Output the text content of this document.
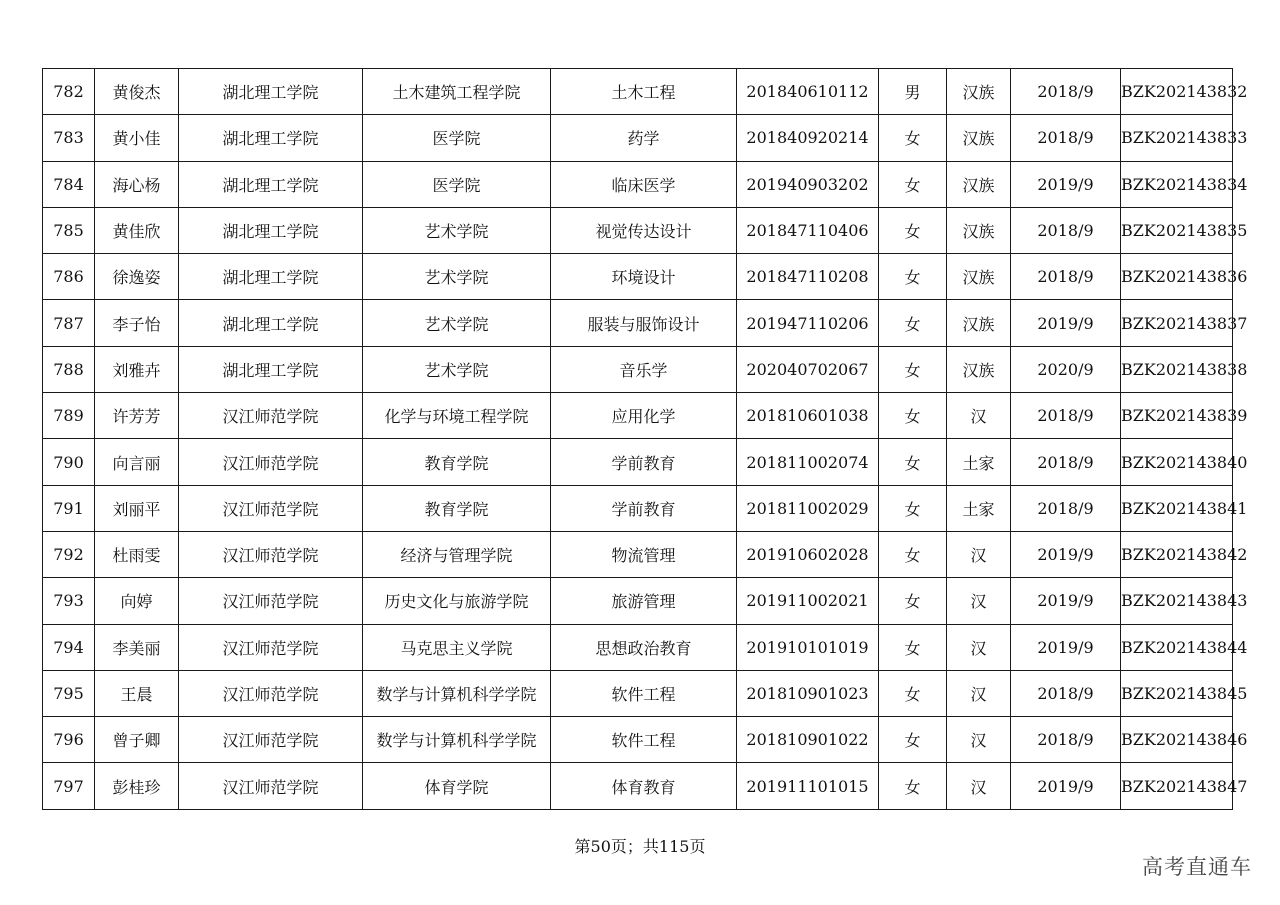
782	黄俊杰	湖北理工学院	土木建筑工程学院	土木工程	201840610112	男	汉族	2018/9	BZK202143832
783	黄小佳	湖北理工学院	医学院	药学	201840920214	女	汉族	2018/9	BZK202143833
784	海心杨	湖北理工学院	医学院	临床医学	201940903202	女	汉族	2019/9	BZK202143834
785	黄佳欣	湖北理工学院	艺术学院	视觉传达设计	201847110406	女	汉族	2018/9	BZK202143835
786	徐逸姿	湖北理工学院	艺术学院	环境设计	201847110208	女	汉族	2018/9	BZK202143836
787	李子怡	湖北理工学院	艺术学院	服装与服饰设计	201947110206	女	汉族	2019/9	BZK202143837
788	刘雅卉	湖北理工学院	艺术学院	音乐学	202040702067	女	汉族	2020/9	BZK202143838
789	许芳芳	汉江师范学院	化学与环境工程学院	应用化学	201810601038	女	汉	2018/9	BZK202143839
790	向言丽	汉江师范学院	教育学院	学前教育	201811002074	女	土家	2018/9	BZK202143840
791	刘丽平	汉江师范学院	教育学院	学前教育	201811002029	女	土家	2018/9	BZK202143841
792	杜雨雯	汉江师范学院	经济与管理学院	物流管理	201910602028	女	汉	2019/9	BZK202143842
793	向婷	汉江师范学院	历史文化与旅游学院	旅游管理	201911002021	女	汉	2019/9	BZK202143843
794	李美丽	汉江师范学院	马克思主义学院	思想政治教育	201910101019	女	汉	2019/9	BZK202143844
795	王晨	汉江师范学院	数学与计算机科学学院	软件工程	201810901023	女	汉	2018/9	BZK202143845
796	曾子卿	汉江师范学院	数学与计算机科学学院	软件工程	201810901022	女	汉	2018/9	BZK202143846
797	彭桂珍	汉江师范学院	体育学院	体育教育	201911101015	女	汉	2019/9	BZK202143847
第50页；共115页
高考直通车
